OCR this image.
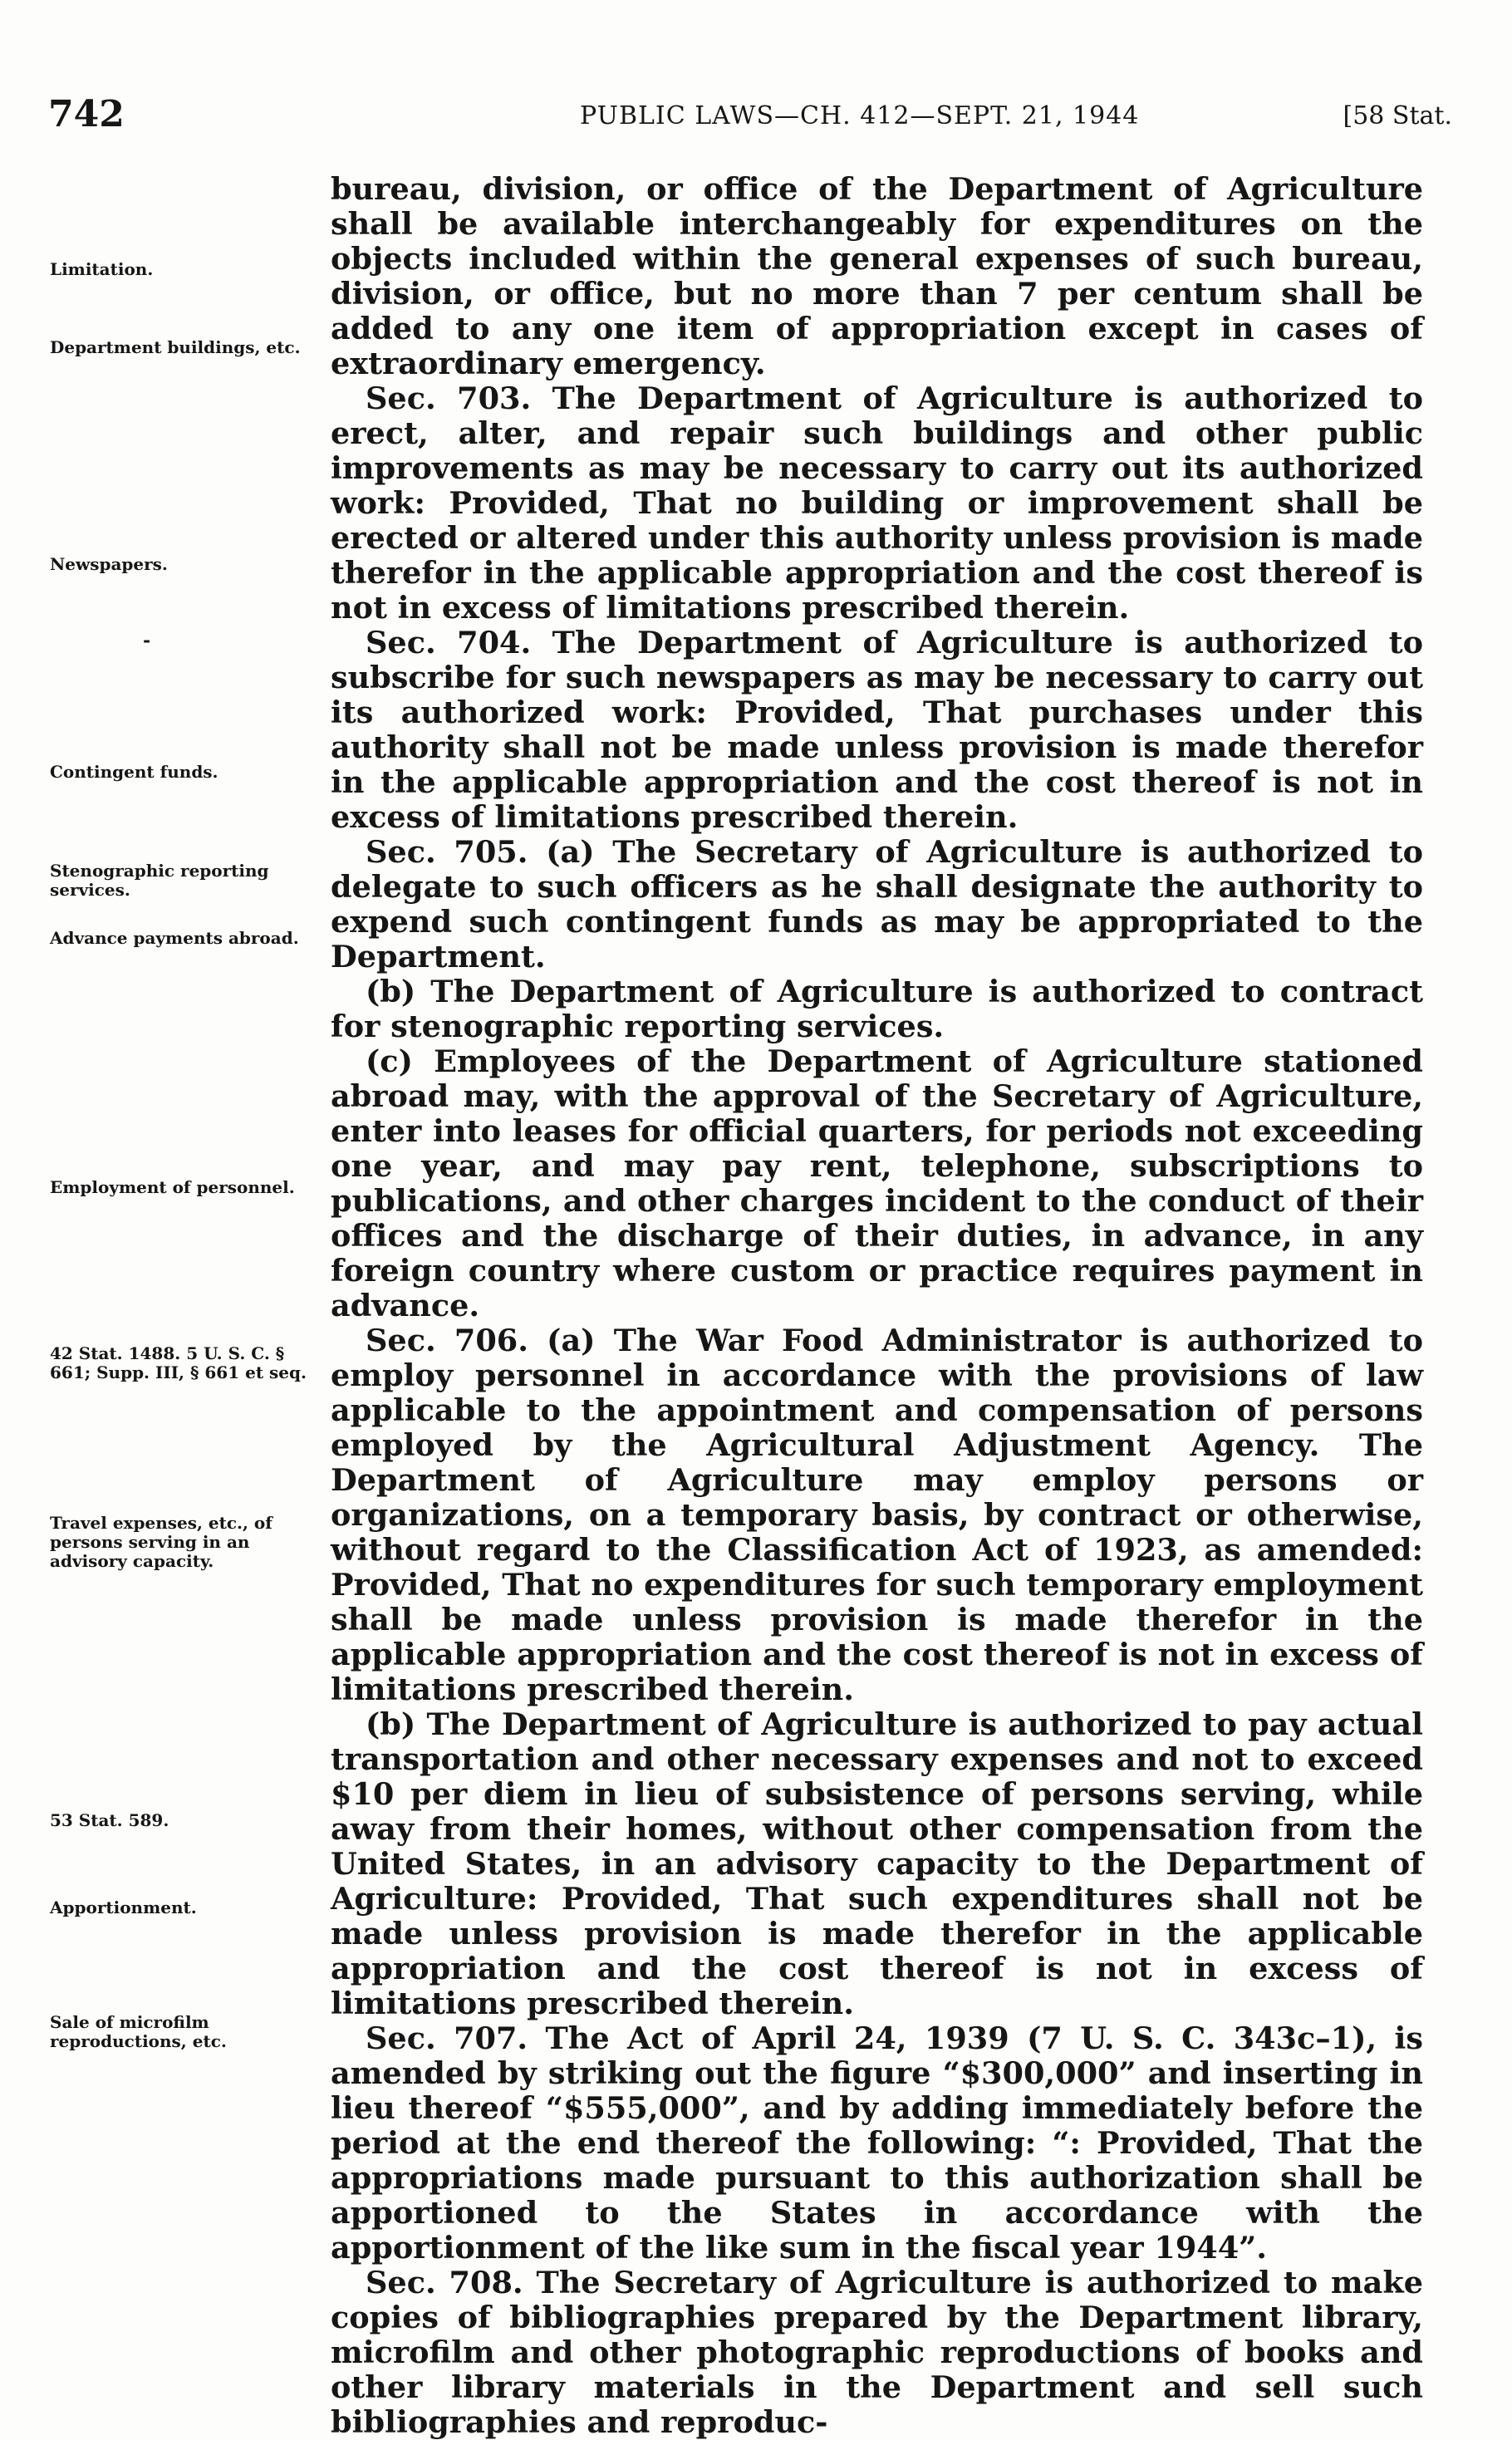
742	PUBLIC LAWS—CH. 412—SEPT. 21, 1944	[58 Stat.
Limitation.
Department buildings, etc.
Newspapers.
Contingent funds.
Stenographic reporting services.
Advance payments abroad.
Employment of personnel.
42 Stat. 1488. 5 U. S. C. § 661; Supp. III, § 661 et seq.
Travel expenses, etc., of persons serving in an advisory capacity.
53 Stat. 589.
Apportionment.
Sale of microfilm reproductions, etc.
-

bureau, division, or office of the Department of Agriculture shall be available interchangeably for expenditures on the objects included within the general expenses of such bureau, division, or office, but no more than 7 per centum shall be added to any one item of appropriation except in cases of extraordinary emergency.

Sec. 703. The Department of Agriculture is authorized to erect, alter, and repair such buildings and other public improvements as may be necessary to carry out its authorized work: Provided, That no building or improvement shall be erected or altered under this authority unless provision is made therefor in the applicable appropriation and the cost thereof is not in excess of limitations prescribed therein.

Sec. 704. The Department of Agriculture is authorized to subscribe for such newspapers as may be necessary to carry out its authorized work: Provided, That purchases under this authority shall not be made unless provision is made therefor in the applicable appropriation and the cost thereof is not in excess of limitations prescribed therein.

Sec. 705. (a) The Secretary of Agriculture is authorized to delegate to such officers as he shall designate the authority to expend such contingent funds as may be appropriated to the Department.

(b) The Department of Agriculture is authorized to contract for stenographic reporting services.

(c) Employees of the Department of Agriculture stationed abroad may, with the approval of the Secretary of Agriculture, enter into leases for official quarters, for periods not exceeding one year, and may pay rent, telephone, subscriptions to publications, and other charges incident to the conduct of their offices and the discharge of their duties, in advance, in any foreign country where custom or practice requires payment in advance.

Sec. 706. (a) The War Food Administrator is authorized to employ personnel in accordance with the provisions of law applicable to the appointment and compensation of persons employed by the Agricultural Adjustment Agency. The Department of Agriculture may employ persons or organizations, on a temporary basis, by contract or otherwise, without regard to the Classification Act of 1923, as amended: Provided, That no expenditures for such temporary employment shall be made unless provision is made therefor in the applicable appropriation and the cost thereof is not in excess of limitations prescribed therein.

(b) The Department of Agriculture is authorized to pay actual transportation and other necessary expenses and not to exceed $10 per diem in lieu of subsistence of persons serving, while away from their homes, without other compensation from the United States, in an advisory capacity to the Department of Agriculture: Provided, That such expenditures shall not be made unless provision is made therefor in the applicable appropriation and the cost thereof is not in excess of limitations prescribed therein.

Sec. 707. The Act of April 24, 1939 (7 U. S. C. 343c–1), is amended by striking out the figure “$300,000” and inserting in lieu thereof “$555,000”, and by adding immediately before the period at the end thereof the following: “: Provided, That the appropriations made pursuant to this authorization shall be apportioned to the States in accordance with the apportionment of the like sum in the fiscal year 1944”.

Sec. 708. The Secretary of Agriculture is authorized to make copies of bibliographies prepared by the Department library, microfilm and other photographic reproductions of books and other library materials in the Department and sell such bibliographies and reproduc-
